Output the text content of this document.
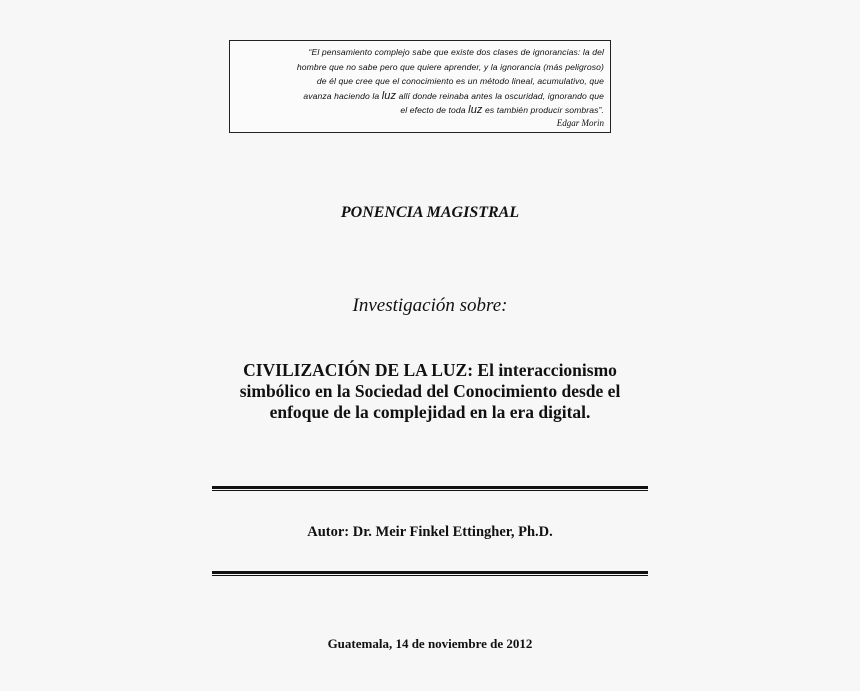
“El pensamiento complejo sabe que existe dos clases de ignorancias: la del
hombre que no sabe pero que quiere aprender, y la ignorancia (más peligroso)
de él que cree que el conocimiento es un método lineal, acumulativo, que
avanza haciendo la luz allí donde reinaba antes la oscuridad, ignorando que
el efecto de toda luz es también producir sombras”.
Edgar Morin
PONENCIA MAGISTRAL
Investigación sobre:
CIVILIZACIÓN DE LA LUZ: El interaccionismo
simbólico en la Sociedad del Conocimiento desde el
enfoque de la complejidad en la era digital.
Autor: Dr. Meir Finkel Ettingher, Ph.D.
Guatemala, 14 de noviembre de 2012
